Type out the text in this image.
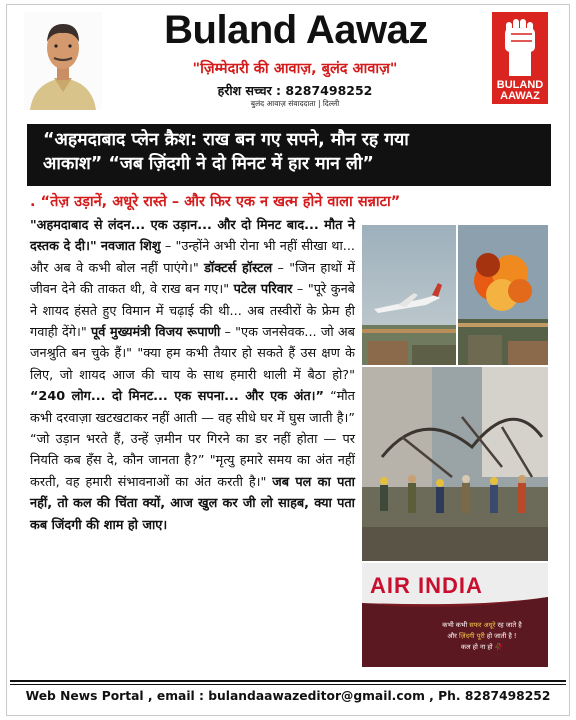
Buland Aawaz
"ज़िम्मेदारी की आवाज़, बुलंद आवाज़"
हरीश सच्चर : 8287498252
बुलंद आवाज़ संवाददाता | दिल्ली
BULAND
AAWAZ
“अहमदाबाद प्लेन क्रैश: राख बन गए सपने, मौन रह गया
आकाश” “जब ज़िंदगी ने दो मिनट में हार मान ली”
. “तेज़ उड़ानें, अधूरे रास्ते – और फिर एक न खत्म होने वाला सन्नाटा”
"अहमदाबाद से लंदन... एक उड़ान... और दो मिनट बाद... मौत ने दस्तक दे दी।" नवजात शिशु – "उन्होंने अभी रोना भी नहीं सीखा था... और अब वे कभी बोल नहीं पाएंगे।" डॉक्टर्स हॉस्टल – "जिन हाथों में जीवन देने की ताकत थी, वे राख बन गए।" पटेल परिवार – "पूरे कुनबे ने शायद हंसते हुए विमान में चढ़ाई की थी... अब तस्वीरों के फ्रेम ही गवाही देंगे।" पूर्व मुख्यमंत्री विजय रूपाणी – "एक जनसेवक... जो अब जनश्रुति बन चुके हैं।" "क्या हम कभी तैयार हो सकते हैं उस क्षण के लिए, जो शायद आज की चाय के साथ हमारी थाली में बैठा हो?" “240 लोग... दो मिनट... एक सपना... और एक अंत।” “मौत कभी दरवाज़ा खटखटाकर नहीं आती — वह सीधे घर में घुस जाती है।” “जो उड़ान भरते हैं, उन्हें ज़मीन पर गिरने का डर नहीं होता — पर नियति कब हँस दे, कौन जानता है?” "मृत्यु हमारे समय का अंत नहीं करती, वह हमारी संभावनाओं का अंत करती है।" जब पल का पता नहीं, तो कल की चिंता क्यों, आज खुल कर जी लो साहब, क्या पता कब जिंदगी की शाम हो जाए।
AIR INDIA
कभी कभी सफर अधूरे रह जाते है
और ज़िंदगी पूरी हो जाती है !
कल हो ना हो 🥀
Web News Portal , email : bulandaawazeditor@gmail.com , Ph. 8287498252
